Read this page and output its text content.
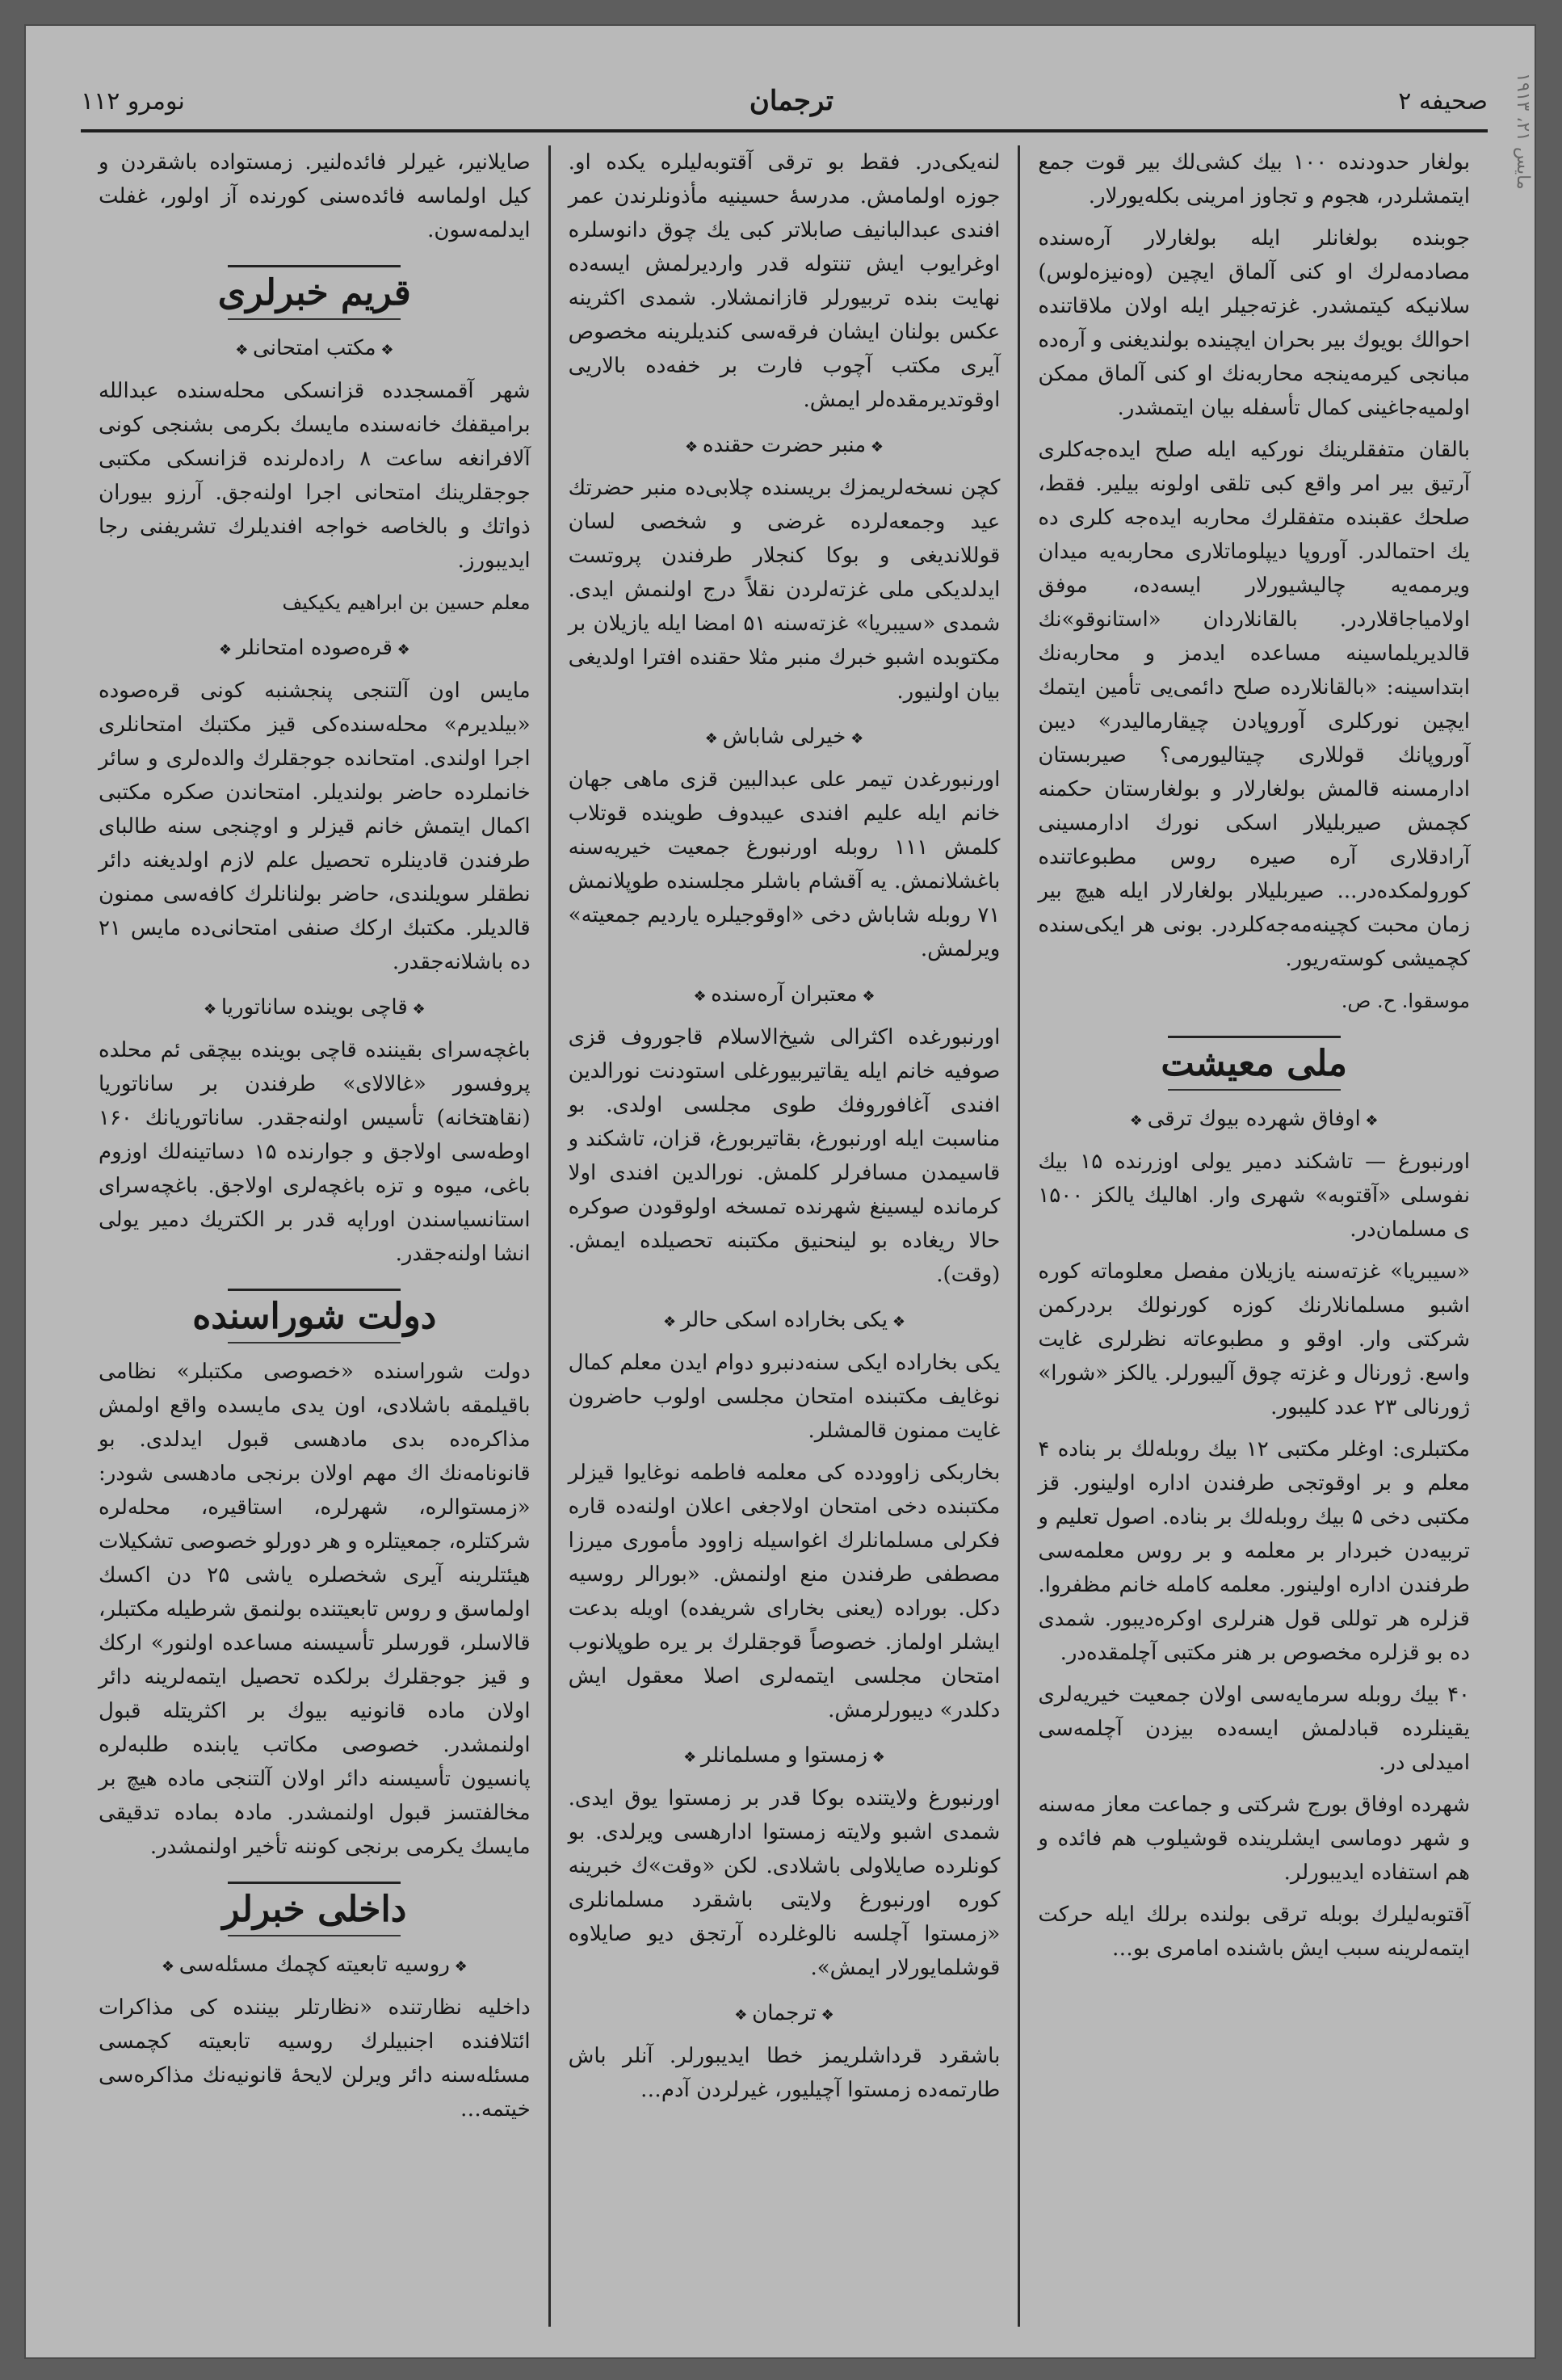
۱۹۱۳ ،۲۱ مایس
صحیفه ۲
ترجمان
نومرو ۱۱۲

بولغار حدودنده ۱۰۰ بیك كشی‌لك بیر قوت جمع ایتمشلردر، هجوم و تجاوز امرینی بكله‌یورلار.

جوبنده بولغانلر ایله بولغارلار آره‌سنده مصادمه‌لرك او كنی آلماق ایچین (وه‌نیزه‌لوس) سلانیكه كیتمشدر. غزته‌جیلر ایله اولان ملاقاتنده احوالك بویوك بیر بحران ایچینده بولندیغنی و آره‌ده مبانجی كیرمه‌ینجه محاربه‌نك او كنی آلماق ممكن اولمیه‌جاغینی كمال تأسفله بیان ایتمشدر.

بالقان متفقلرینك نوركیه ایله صلح ایده‌جه‌كلری آرتیق بیر امر واقع كبی تلقی اولونه بیلیر. فقط، صلحك عقبنده متفقلرك محاربه ایده‌جه كلری ده یك احتمالدر. آوروپا دیپلوماتلاری محاربه‌یه میدان ویرممه‌یه چالیشیورلار ایسه‌ده، موفق اولامیاجاقلاردر. بالقانلاردان «استانوقو»نك قالدیریلماسینه مساعده ایدمز و محاربه‌نك ابتداسینه: «بالقانلارده صلح دائمی‌یی تأمین ایتمك ایچین نوركلری آوروپادن چیقارمالیدر» دیبن آوروپانك قوللاری چیتالیورمی؟ صیربستان ادارمسنه قالمش بولغارلار و بولغارستان حكمنه كچمش صیربلیلار اسكی نورك ادارمسینی آرادقلاری آره صیره روس مطبوعاتنده كورولمكده‌در... صیربلیلار بولغارلار ایله هیچ بیر زمان محبت كچینه‌مه‌جه‌كلردر. بونی هر ایكی‌سنده كچمیشی كوسته‌ریور.

موسقوا. ح. ص.
ملی معیشت
❖ اوفاق شهرده بیوك ترقی ❖

اورنبورغ — تاشكند دمیر یولی اوزرنده ۱۵ بیك نفوسلی «آقتوبه» شهری وار. اهالیك یالكز ۱۵۰۰ ی مسلمان‌در.

«سیبریا» غزته‌سنه یازیلان مفصل معلوماته كوره اشبو مسلمانلارنك كوزه كورنولك بردركمن شركتی وار. اوقو و مطبوعاته نظرلری غایت واسع. ژورنال و غزته چوق آلیبورلر. یالكز «شورا» ژورنالی ۲۳ عدد كلیبور.

مكتبلری: اوغلر مكتبی ۱۲ بیك روبله‌لك بر بناده ۴ معلم و بر اوقوتجی طرفندن اداره اولینور. قز مكتبی دخی ۵ بیك روبله‌لك بر بناده. اصول تعلیم و تربیه‌دن خبردار بر معلمه و بر روس معلمه‌سی طرفندن اداره اولینور. معلمه كامله خانم مظفروا. قزلره هر توللی قول هنرلری اوكره‌دیبور. شمدی ده بو قزلره مخصوص بر هنر مكتبی آچلمقده‌در.

۴۰ بیك روبله سرمایه‌سی اولان جمعیت خیریه‌لری یقینلرده قبادلمش ایسه‌ده بیزدن آچلمه‌سی امیدلی در.

شهرده اوفاق بورج شركتی و جماعت معاز مه‌سنه و شهر دوماسی ایشلرینده قوشیلوب هم فائده و هم استفاده ایدیبورلر.

آقتوبه‌لیلرك بوبله ترقی بولنده برلك ایله حركت ایتمه‌لرینه سبب ایش باشنده امامری بو…

لنه‌یکی‌در. فقط بو ترقی آقتوبه‌لیلره یكده‌ او. جوزه اولمامش. مدرسهٔ حسینیه مأذونلرندن عمر افندی عبدالبانیف صابلاتر كبی یك چوق دانوسلره اوغرایوب ایش تنتوله قدر واردیرلمش ایسه‌ده نهایت بنده تربیورلر قازانمشلار. شمدی اكثرینه عكس بولنان ایشان فرقه‌سی كندیلرینه مخصوص آیری مكتب آچوب فارت بر خفه‌ده بالاریی اوقوتدیرمقده‌لر ایمش.

❖ منبر حضرت حقنده ❖

كچن نسخه‌لریمزك بریسنده چلابی‌ده منبر حضرتك عید وجمعه‌لرده غرضی و شخصی لسان قوللاندیغی و بوكا كنجلار طرفندن پروتست ایدلدیكی ملی غزته‌لردن نقلاً درج اولنمش ایدی. شمدی «سیبریا» غزته‌سنه ۵۱ امضا ایله یازیلان بر مكتوبده اشبو خبرك منبر مثلا حقنده افترا اولدیغی بیان اولنیور.

❖ خیرلی شاباش ❖

اورنبورغدن تیمر علی عبدالبین قزی ماهی جهان خانم ایله علیم افندی عیبدوف طوینده قوتلاب كلمش ۱۱۱ روبله اورنبورغ جمعیت خیریه‌سنه باغشلانمش. یه آقشام باشلر مجلسنده طوپلانمش ۷۱ روبله شاباش دخی «اوقوجیلره یاردیم جمعیته» ویرلمش.

❖ معتبران آره‌سنده ❖

اورنبورغده اكثرالی شیخ‌الاسلام قاجوروف قزی صوفیه خانم ایله یقاتیربیورغلی استودنت نورالدین افندی آغافوروفك طوی مجلسی اولدی. بو مناسبت ایله اورنبورغ، بقاتیربورغ، قزان، تاشكند و قاسیمدن مسافرلر كلمش. نورالدین افندی اولا كرمانده لیسینغ شهرنده تمسخه اولوقودن صوكره حالا ریغاده بو لینحنیق مكتبنه تحصیلده ایمش. (وقت).

❖ یكی بخاراده اسكی حالر ❖

یكی بخاراده ایكی سنه‌دنبرو دوام ایدن معلم كمال نوغایف مكتبنده امتحان مجلسی اولوب حاضرون غایت ممنون قالمشلر.

بخاربكی زاوودده كی معلمه فاطمه نوغایوا قیزلر مكتبنده دخی امتحان اولاجغی اعلان اولنه‌ده قاره فكرلی مسلمانلرك اغوا‌سیله زاوود مأموری میرزا مصطفی طرفندن منع اولنمش. «بورالر روسیه دكل. بوراده (یعنی بخارای شریفده) اویله بدعت ایشلر اولماز. خصوصاً قوجقلرك بر یره طوپلانوب امتحان مجلسی ایتمه‌لری اصلا معقول ایش دكلدر» دیبورلرمش.

❖ زمستوا و مسلمانلر ❖

اورنبورغ ولایتنده بوكا قدر بر زمستوا یوق ایدی. شمدی اشبو ولایته زمستوا ادارهسی ویرلدی. بو كونلرده صایلاولی باشلادی. لكن «وقت»ك خبرینه كوره اورنبورغ ولایتی باشقرد مسلمانلری «زمستوا آچلسه نالوغلرده آرتجق دیو صایلاوه قوشلمایورلار ایمش».

❖ ترجمان ❖

باشقرد قرداشلریمز خطا ایدیبورلر. آنلر باش طارتمه‌ده زمستوا آچیلیور، غیرلردن آدم…

صایلانیر، غیرلر فائده‌لنیر. زمستواده باشقردن و كیل اولماسه فائده‌سنی كورنده آز اولور، غفلت ایدلمه‌سون.

قریم خبرلری
❖ مكتب امتحانی ❖

شهر آقمسجدده قزانسكی محله‌سنده عبدالله برامیقفك خانه‌سنده مایسك بكرمی بشنجی كونی آلافرانغه ساعت ۸ راده‌لرنده قزانسكی مكتبی جوجقلرینك امتحانی اجرا اولنه‌جق. آرزو بیوران ذواتك و بالخاصه خواجه افندیلرك تشریفنی رجا ایدیبورز.

معلم حسین بن ابراهیم یكیكیف
❖ قره‌صوده امتحانلر ❖

مایس اون آلتنجی پنجشنبه كونی قره‌صوده «بیلدیرم» محله‌سنده‌كی قیز مكتبك امتحانلری اجرا اولندی. امتحانده جوجقلرك والده‌لری و سائر خانملرده حاضر بولندیلر. امتحاندن صكره مكتبی اكمال ایتمش خانم قیزلر و اوچنجی سنه طالبای طرفندن قادینلره تحصیل علم لازم اولدیغنه دائر نطقلر سویلندی، حاضر بولنانلرك كافه‌سی ممنون قالدیلر. مكتبك اركك صنفی امتحانی‌ده مایس ۲۱ ده باشلانه‌جقدر.

❖ قاچی بوینده ساناتوریا ❖

باغچه‌سرای بقیننده قاچی بوینده بیچقی ئم محلده پروفسور «غالالای» طرفندن بر ساناتوریا (نقاهتخانه) تأسیس اولنه‌جقدر. ساناتوریانك ۱۶۰ اوطه‌سی اولاجق و جوارنده ۱۵ دساتینه‌لك اوزوم باغی، میوه و تزه باغچه‌لری اولاجق. باغچه‌سرای استانسیاسندن اوراپه قدر بر الكتریك دمیر یولی انشا اولنه‌جقدر.

دولت شوراسنده

دولت شوراسنده «خصوصی مكتبلر» نظامی باقیلمقه باشلادی، اون یدی مایسده واقع اولمش مذاكره‌ده بدی مادهسی قبول ایدلدی. بو قانونامه‌نك اك مهم اولان برنجی مادهسی شودر: «زمستوالره، شهرلره، استاقیره، محله‌لره شركتلره، جمعیتلره و هر دورلو خصوصی تشكیلات هیئتلرینه آیری شخصلره یاشی ۲۵ دن اكسك اولماسق و روس تابعیتنده بولنمق شرطیله مكتبلر، قالاسلر، قورسلر تأسیسنه مساعده اولنور» اركك و قیز جوجقلرك برلكده تحصیل ایتمه‌لرینه دائر اولان ماده قانونیه بیوك بر اكثریتله قبول اولنمشدر. خصوصی مكاتب یابنده طلبه‌لره پانسیون تأسیسنه دائر اولان آلتنجی ماده هیچ بر مخالفتسز قبول اولنمشدر. مادہ بماده تدقیقی مایسك یكرمی برنجی كوننه تأخیر اولنمشدر.

داخلی خبرلر
❖ روسیه تابعیته كچمك مسئله‌سی ❖

داخلیه نظارتنده «نظارتلر بیننده كی مذاكرات ائتلافنده اجنبیلرك روسیه تابعیته كچمسی مسئله‌سنه دائر ویرلن لایحهٔ قانونیه‌نك مذاكره‌سی خیتمه…
